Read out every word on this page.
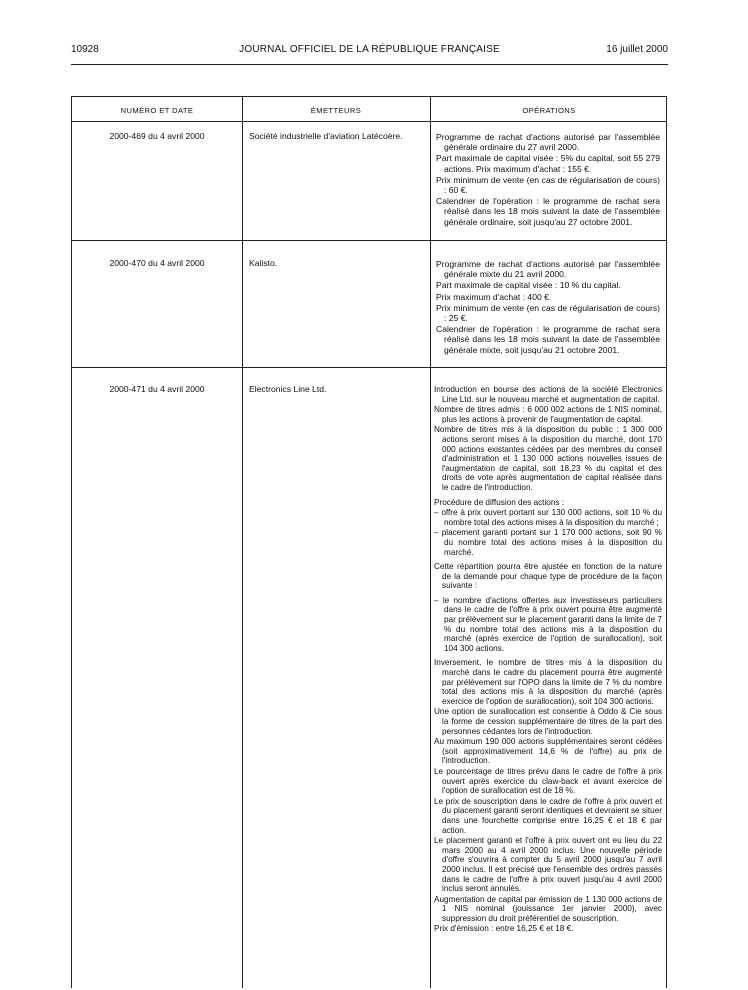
10928	JOURNAL OFFICIEL DE LA RÉPUBLIQUE FRANÇAISE	16 juillet 2000
NUMÉRO ET DATE	ÉMETTEURS	OPÉRATIONS
2000-469 du 4 avril 2000	Société industrielle d'aviation Latécoère.	Programme de rachat d'actions autorisé par l'assemblée générale ordinaire du 27 avril 2000.

Part maximale de capital visée : 5% du capital, soit 55 279 actions. Prix maximum d'achat : 155 €.

Prix minimum de vente (en cas de régularisation de cours) : 60 €.

Calendrier de l'opération : le programme de rachat sera réalisé dans les 18 mois suivant la date de l'assemblée générale ordinaire, soit jusqu'au 27 octobre 2001.

2000-470 du 4 avril 2000	Kalisto.	Programme de rachat d'actions autorisé par l'assemblée générale mixte du 21 avril 2000.

Part maximale de capital visée : 10 % du capital.

Prix maximum d'achat : 400 €.

Prix minimum de vente (en cas de régularisation de cours) : 25 €.

Calendrier de l'opération : le programme de rachat sera réalisé dans les 18 mois suivant la date de l'assemblée générale mixte, soit jusqu'au 21 octobre 2001.

2000-471 du 4 avril 2000	Electronics Line Ltd.	Introduction en bourse des actions de la société Electronics Line Ltd. sur le nouveau marché et augmentation de capital.

Nombre de titres admis : 6 000 002 actions de 1 NIS nominal, plus les actions à provenir de l'augmentation de capital.

Nombre de titres mis à la disposition du public : 1 300 000 actions seront mises à la disposition du marché, dont 170 000 actions existantes cédées par des membres du conseil d'administration et 1 130 000 actions nouvelles issues de l'augmentation de capital, soit 18,23 % du capital et des droits de vote après augmentation de capital réalisée dans le cadre de l'introduction.

Procédure de diffusion des actions :

– offre à prix ouvert portant sur 130 000 actions, soit 10 % du nombre total des actions mises à la disposition du marché ;

– placement garanti portant sur 1 170 000 actions, soit 90 % du nombre total des actions mises à la disposition du marché.

Cette répartition pourra être ajustée en fonction de la nature de la demande pour chaque type de procédure de la façon suivante :

– le nombre d'actions offertes aux investisseurs particuliers dans le cadre de l'offre à prix ouvert pourra être augmenté par prélèvement sur le placement garanti dans la limite de 7 % du nombre total des actions mis à la disposition du marché (après exercice de l'option de surallocation), soit 104 300 actions.

Inversement, le nombre de titres mis à la disposition du marché dans le cadre du placement pourra être augmenté par prélèvement sur l'OPO dans la limite de 7 % du nombre total des actions mis à la disposition du marché (après exercice de l'option de surallocation), soit 104 300 actions.

Une option de surallocation est consentie à Oddo & Cie sous la forme de cession supplémentaire de titres de la part des personnes cédantes lors de l'introduction.

Au maximum 190 000 actions supplémentaires seront cédées (soit approximativement 14,6 % de l'offre) au prix de l'introduction.

Le pourcentage de titres prévu dans le cadre de l'offre à prix ouvert après exercice du claw-back et avant exercice de l'option de surallocation est de 18 %.

Le prix de souscription dans le cadre de l'offre à prix ouvert et du placement garanti seront identiques et devraient se situer dans une fourchette comprise entre 16,25 € et 18 € par action.

Le placement garanti et l'offre à prix ouvert ont eu lieu du 22 mars 2000 au 4 avril 2000 inclus. Une nouvelle période d'offre s'ouvrira à compter du 5 avril 2000 jusqu'au 7 avril 2000 inclus. Il est précisé que l'ensemble des ordres passés dans le cadre de l'offre à prix ouvert jusqu'au 4 avril 2000 inclus seront annulés.

Augmentation de capital par émission de 1 130 000 actions de 1 NIS nominal (jouissance 1er janvier 2000), avec suppression du droit préférentiel de souscription.

Prix d'émission : entre 16,25 € et 18 €.
